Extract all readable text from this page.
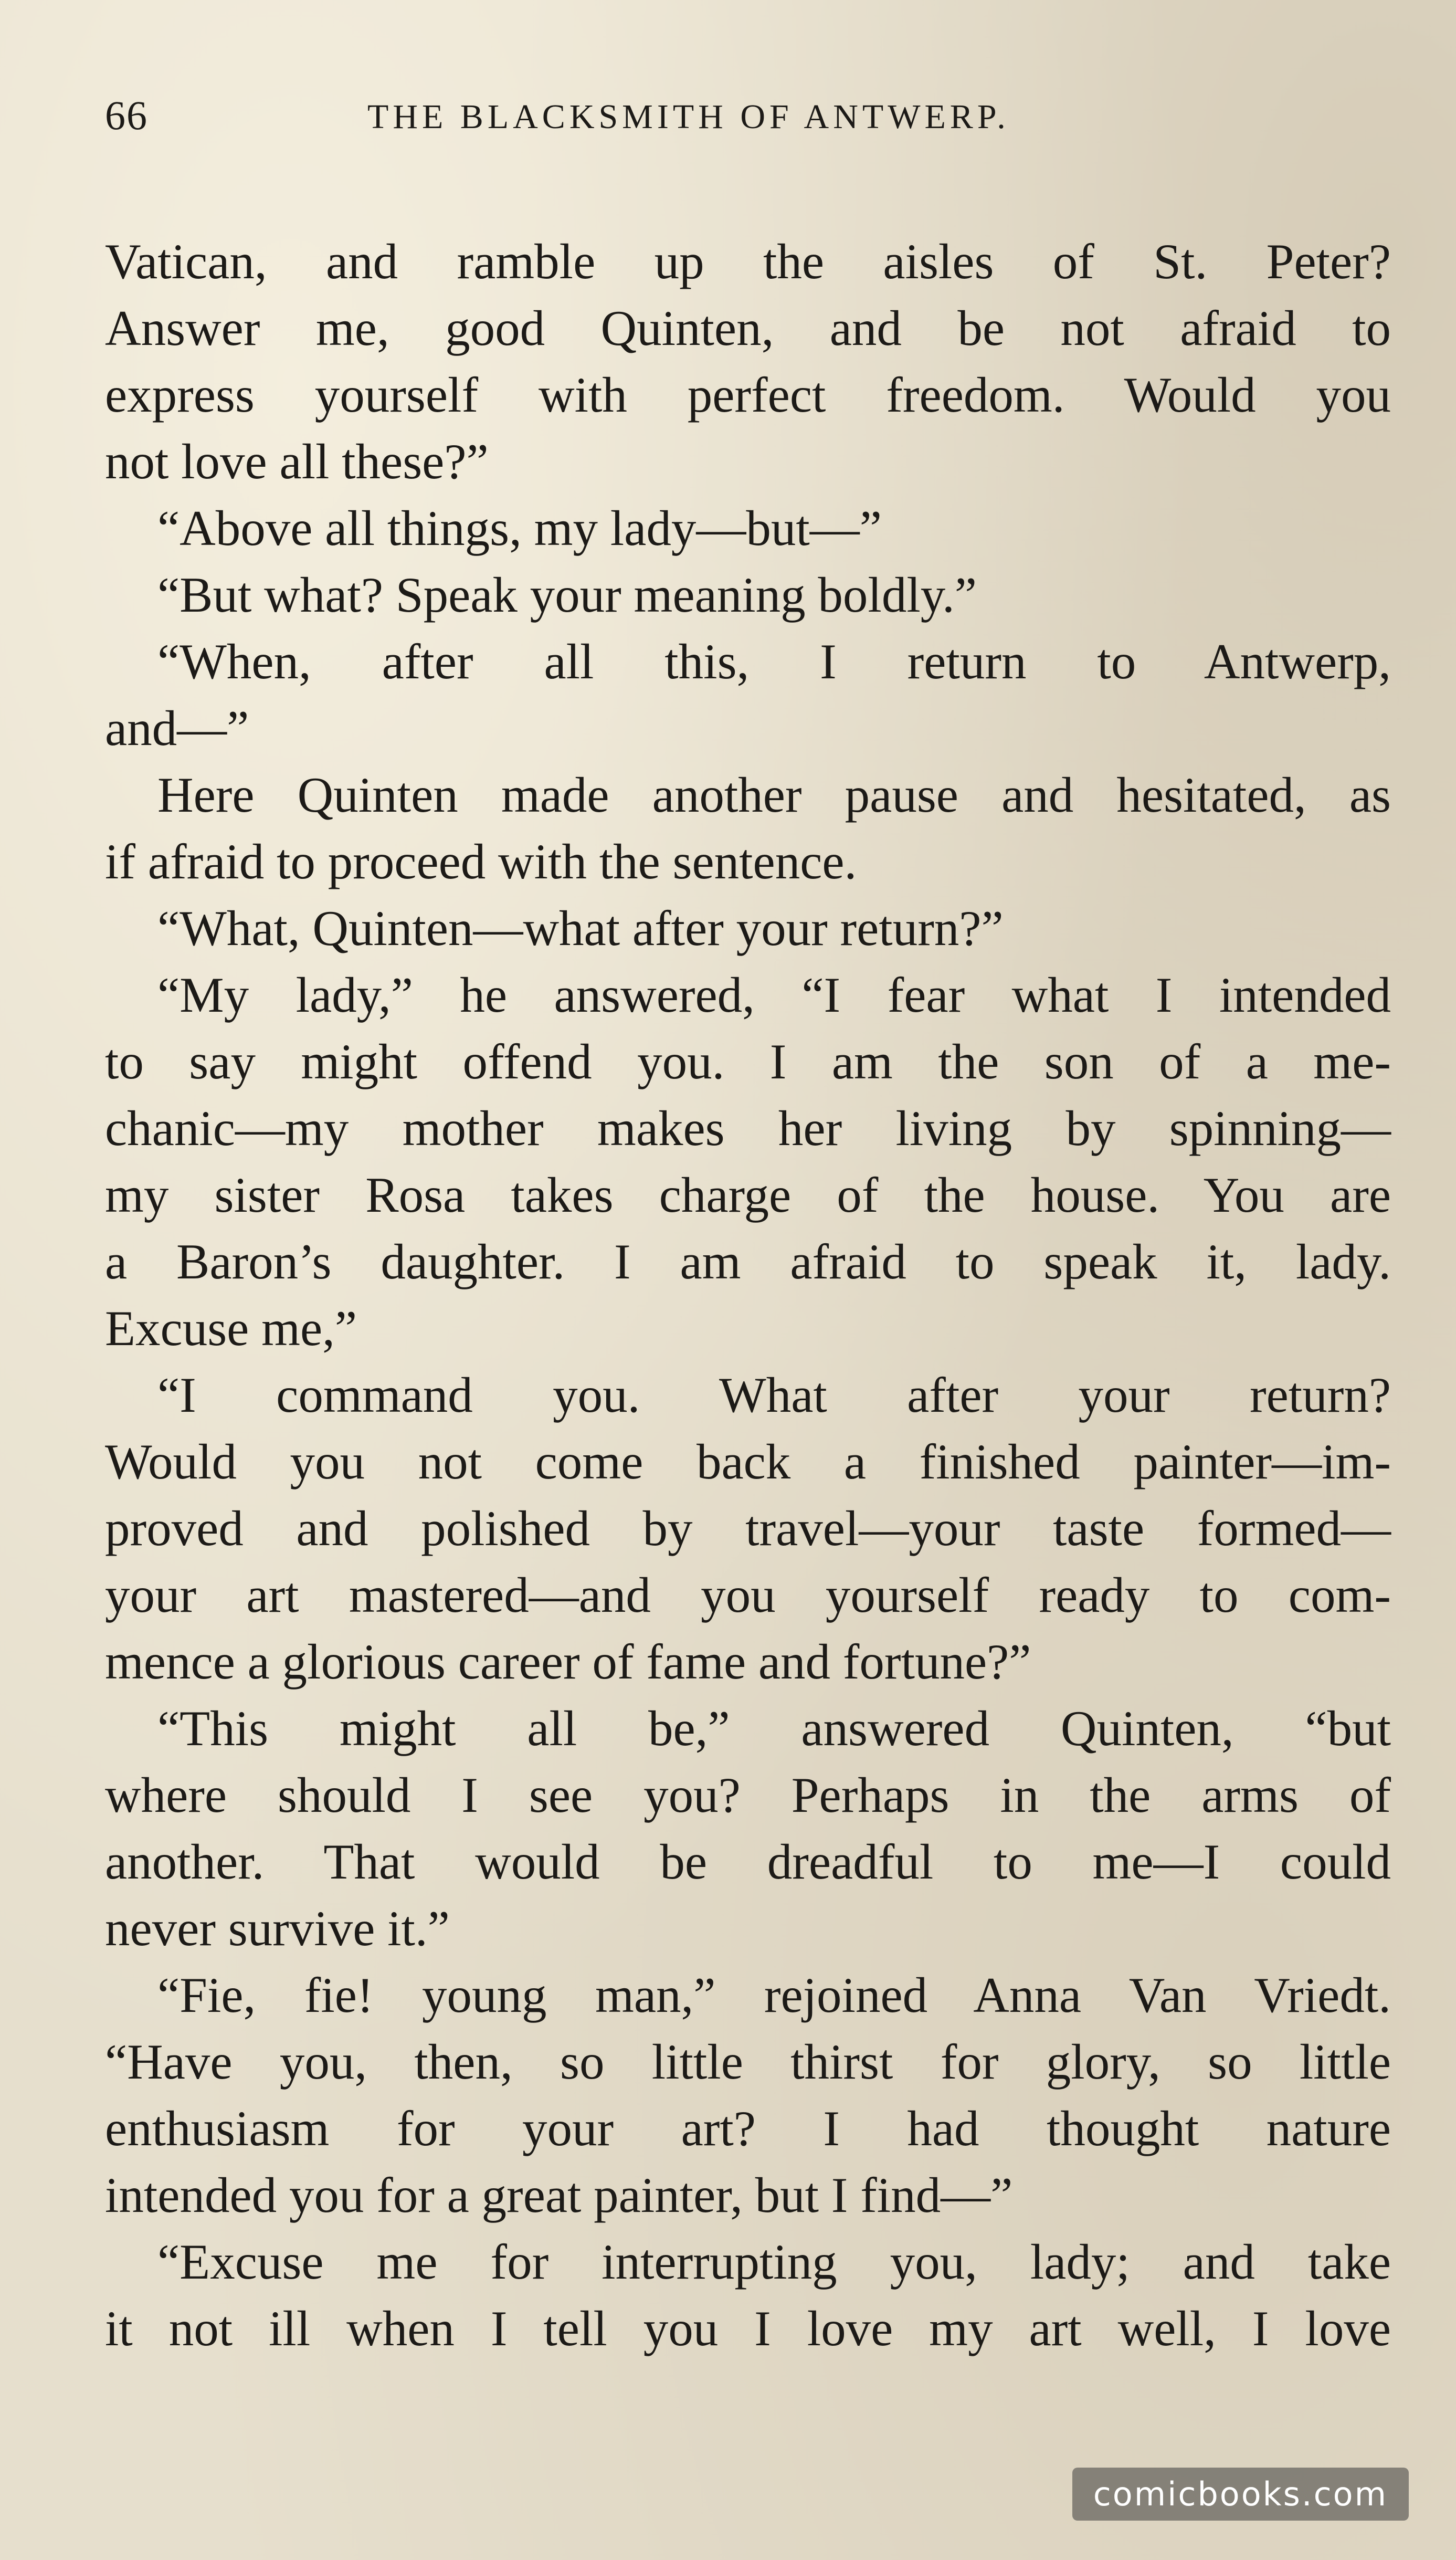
66	THE BLACKSMITH OF ANTWERP.
Vatican, and ramble up the aisles of St. Peter?
Answer me, good Quinten, and be not afraid to
express yourself with perfect freedom. Would you
not love all these?”
“Above all things, my lady—but—”
“But what? Speak your meaning boldly.”
“When, after all this, I return to Antwerp,
and—”
Here Quinten made another pause and hesitated, as
if afraid to proceed with the sentence.
“What, Quinten—what after your return?”
“My lady,” he answered, “I fear what I intended
to say might offend you. I am the son of a me-
chanic—my mother makes her living by spinning—
my sister Rosa takes charge of the house. You are
a Baron’s daughter. I am afraid to speak it, lady.
Excuse me,”
“I command you. What after your return?
Would you not come back a finished painter—im-
proved and polished by travel—your taste formed—
your art mastered—and you yourself ready to com-
mence a glorious career of fame and fortune?”
“This might all be,” answered Quinten, “but
where should I see you? Perhaps in the arms of
another. That would be dreadful to me—I could
never survive it.”
“Fie, fie! young man,” rejoined Anna Van Vriedt.
“Have you, then, so little thirst for glory, so little
enthusiasm for your art? I had thought nature
intended you for a great painter, but I find—”
“Excuse me for interrupting you, lady; and take
it not ill when I tell you I love my art well, I love
comicbooks.com
